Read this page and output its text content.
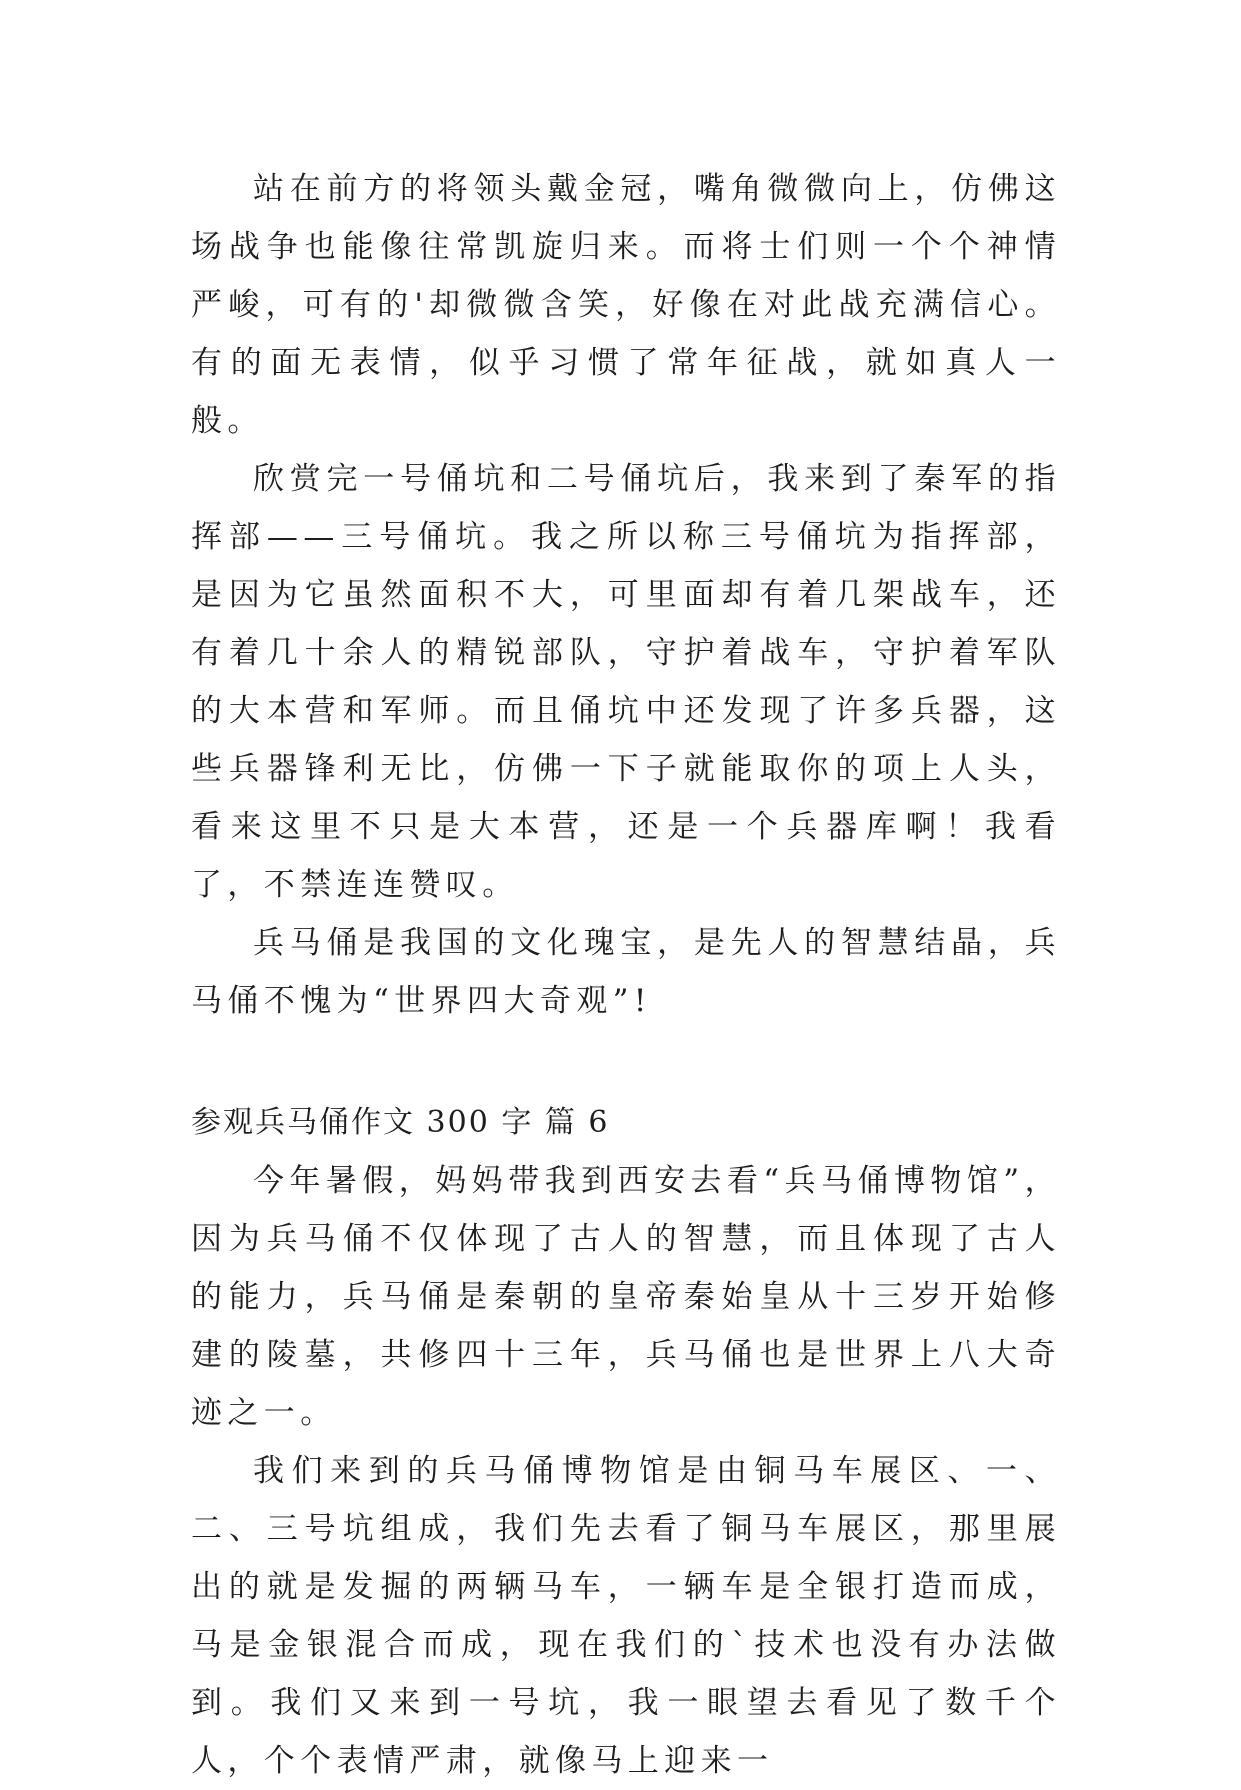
站在前方的将领头戴金冠，嘴角微微向上，仿佛这场战争也能像往常凯旋归来。而将士们则一个个神情严峻，可有的'却微微含笑，好像在对此战充满信心。有的面无表情，似乎习惯了常年征战，就如真人一般。

欣赏完一号俑坑和二号俑坑后，我来到了秦军的指挥部——三号俑坑。我之所以称三号俑坑为指挥部，是因为它虽然面积不大，可里面却有着几架战车，还有着几十余人的精锐部队，守护着战车，守护着军队的大本营和军师。而且俑坑中还发现了许多兵器，这些兵器锋利无比，仿佛一下子就能取你的项上人头，看来这里不只是大本营，还是一个兵器库啊！我看了，不禁连连赞叹。

兵马俑是我国的文化瑰宝，是先人的智慧结晶，兵马俑不愧为“世界四大奇观”!

参观兵马俑作文 300 字 篇 6

今年暑假，妈妈带我到西安去看“兵马俑博物馆”，因为兵马俑不仅体现了古人的智慧，而且体现了古人的能力，兵马俑是秦朝的皇帝秦始皇从十三岁开始修建的陵墓，共修四十三年，兵马俑也是世界上八大奇迹之一。

我们来到的兵马俑博物馆是由铜马车展区、一、二、三号坑组成，我们先去看了铜马车展区，那里展出的就是发掘的两辆马车，一辆车是全银打造而成，马是金银混合而成，现在我们的`技术也没有办法做到。我们又来到一号坑，我一眼望去看见了数千个人，个个表情严肃，就像马上迎来一
